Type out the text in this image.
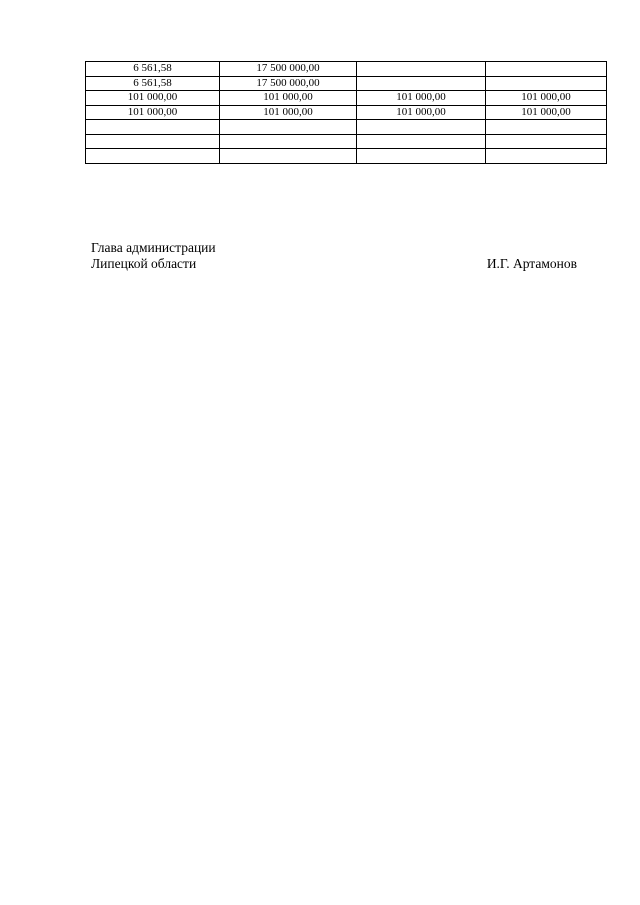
6 561,58	17 500 000,00		
6 561,58	17 500 000,00		
101 000,00	101 000,00	101 000,00	101 000,00
101 000,00	101 000,00	101 000,00	101 000,00

Глава администрации
Липецкой области	И.Г. Артамонов
